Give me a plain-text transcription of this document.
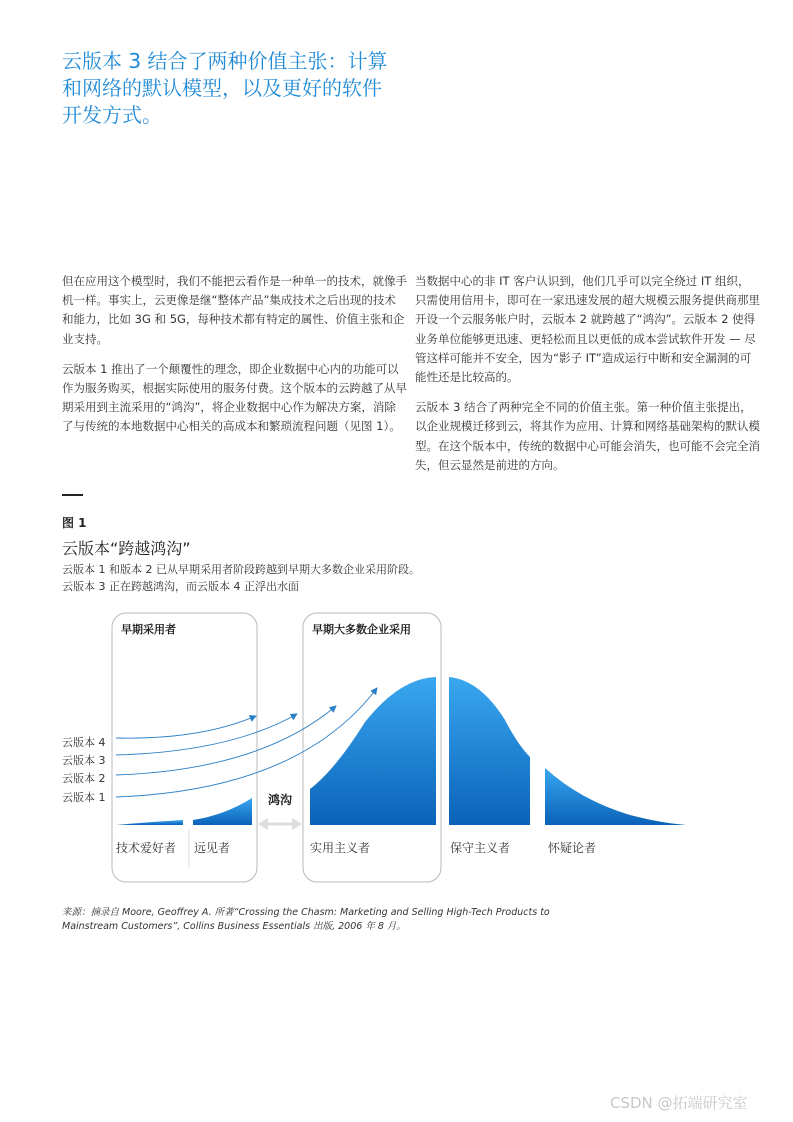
云版本 3 结合了两种价值主张：计算和网络的默认模型，以及更好的软件开发方式。

但在应用这个模型时，我们不能把云看作是一种单一的技术，就像手机一样。事实上，云更像是继“整体产品”集成技术之后出现的技术和能力，比如 3G 和 5G，每种技术都有特定的属性、价值主张和企业支持。

云版本 1 推出了一个颠覆性的理念，即企业数据中心内的功能可以作为服务购买，根据实际使用的服务付费。这个版本的云跨越了从早期采用到主流采用的“鸿沟”，将企业数据中心作为解决方案，消除了与传统的本地数据中心相关的高成本和繁琐流程问题（见图 1）。

当数据中心的非 IT 客户认识到，他们几乎可以完全绕过 IT 组织，只需使用信用卡，即可在一家迅速发展的超大规模云服务提供商那里开设一个云服务帐户时，云版本 2 就跨越了“鸿沟”。云版本 2 使得业务单位能够更迅速、更轻松而且以更低的成本尝试软件开发 — 尽管这样可能并不安全，因为“影子 IT”造成运行中断和安全漏洞的可能性还是比较高的。

云版本 3 结合了两种完全不同的价值主张。第一种价值主张提出，以企业规模迁移到云，将其作为应用、计算和网络基础架构的默认模型。在这个版本中，传统的数据中心可能会消失，也可能不会完全消失，但云显然是前进的方向。

图 1
云版本“跨越鸿沟”
云版本 1 和版本 2 已从早期采用者阶段跨越到早期大多数企业采用阶段。
云版本 3 正在跨越鸿沟，而云版本 4 正浮出水面
早期采用者	早期大多数企业采用
鸿沟
云版本 4
云版本 3
云版本 2
云版本 1
技术爱好者 远见者	实用主义者	保守主义者	怀疑论者
来源：摘录自 Moore, Geoffrey A. 所著“Crossing the Chasm: Marketing and Selling High-Tech Products to
Mainstream Customers”, Collins Business Essentials 出版, 2006 年 8 月。
CSDN @拓端研究室
